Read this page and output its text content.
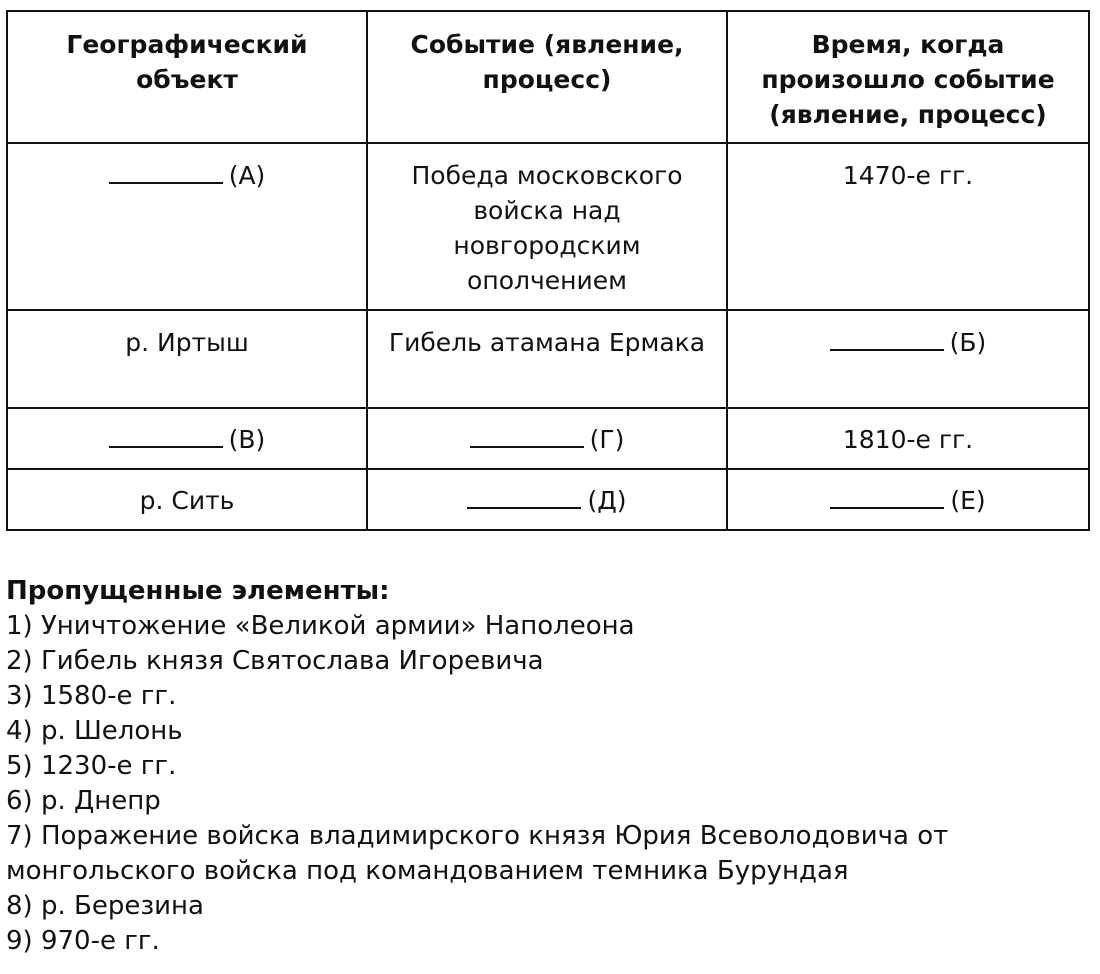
Географический объект	Событие (явление, процесс)	Время, когда произошло событие (явление, процесс)
(А)	Победа московского войска над новгородским ополчением	1470-е гг.
р. Иртыш	Гибель атамана Ермака	(Б)
(В)	(Г)	1810-е гг.
р. Сить	(Д)	(Е)

Пропущенные элементы:

1) Уничтожение «Великой армии» Наполеона
2) Гибель князя Святослава Игоревича
3) 1580-е гг.
4) р. Шелонь
5) 1230-е гг.
6) р. Днепр
7) Поражение войска владимирского князя Юрия Всеволодовича от монгольского войска под командованием темника Бурундая
8) р. Березина
9) 970-е гг.
